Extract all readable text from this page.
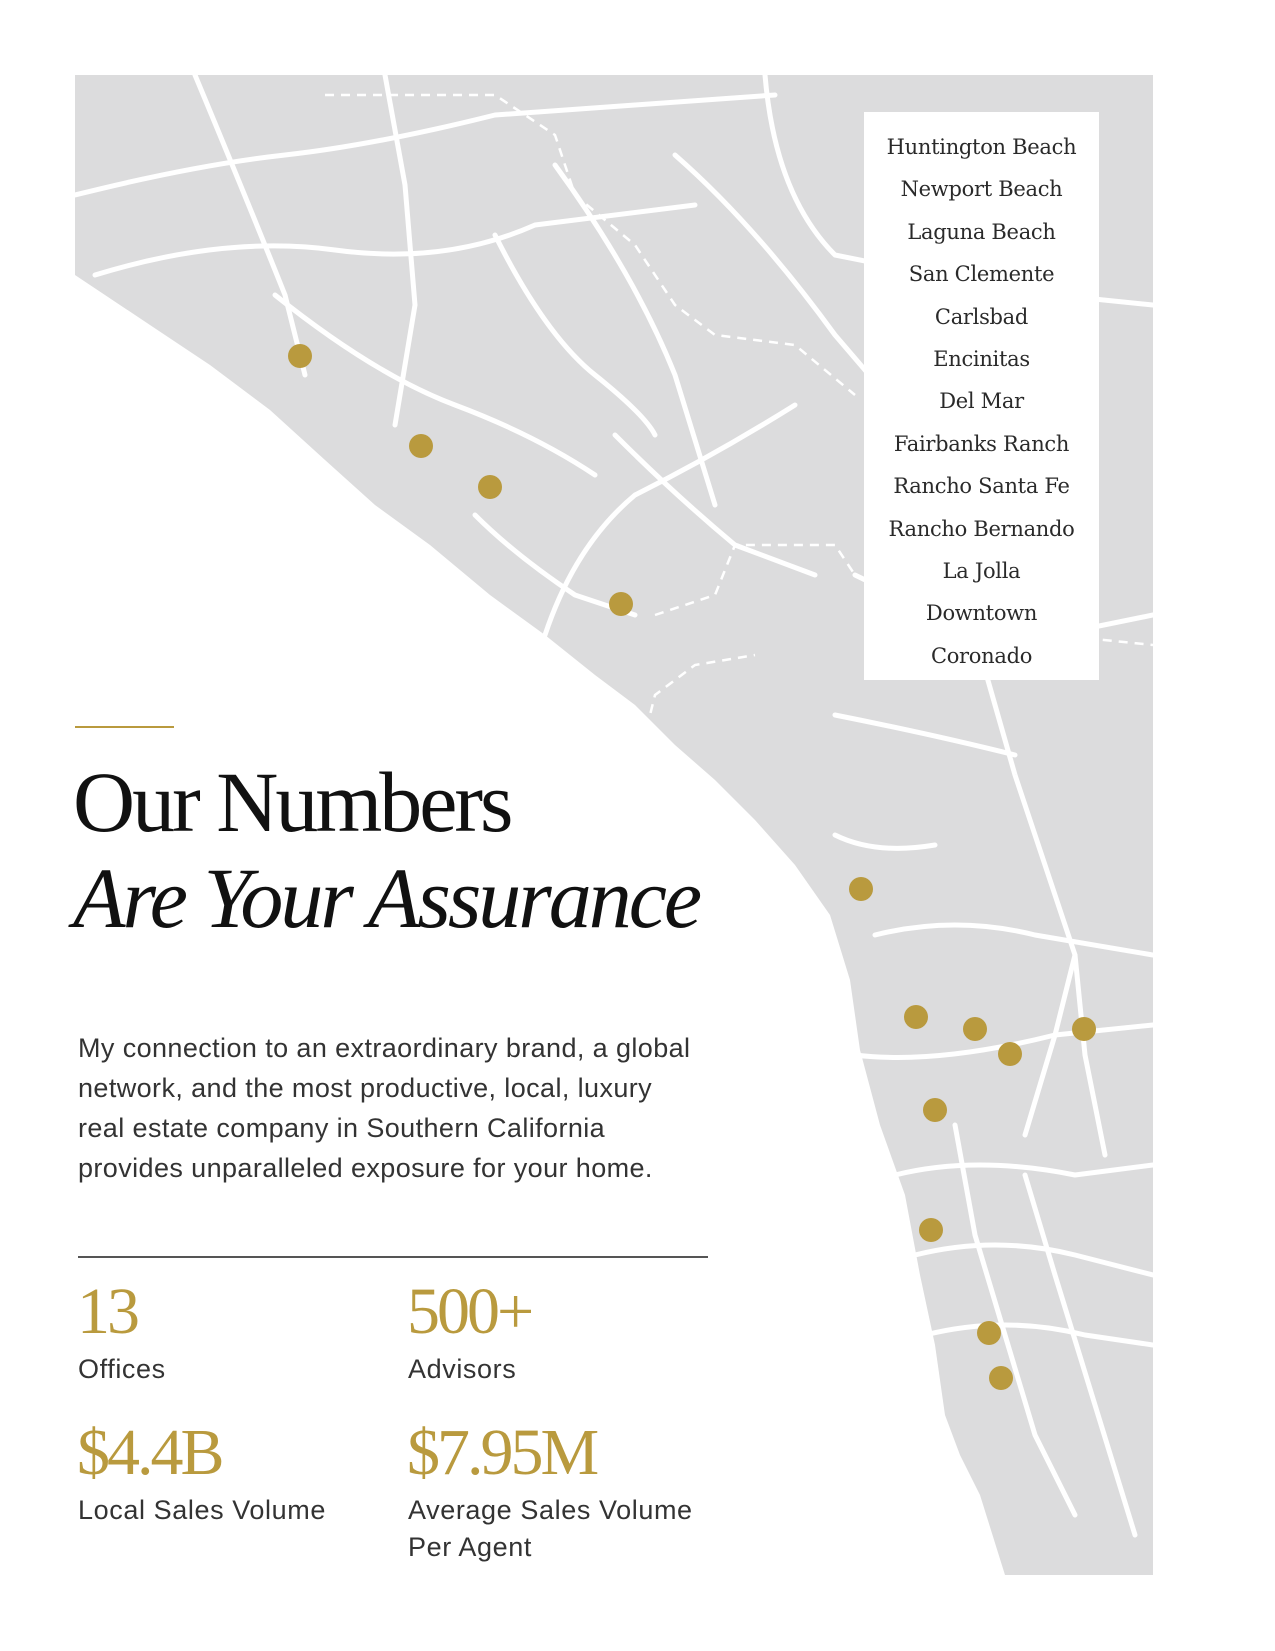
Huntington Beach
Newport Beach
Laguna Beach
San Clemente
Carlsbad
Encinitas
Del Mar
Fairbanks Ranch
Rancho Santa Fe
Rancho Bernando
La Jolla
Downtown
Coronado
Our Numbers
Are Your Assurance

My connection to an extraordinary brand, a global network, and the most productive, local, luxury real estate company in Southern California provides unparalleled exposure for your home.

13
Offices
500+
Advisors
$4.4B
Local Sales Volume
$7.95M
Average Sales Volume
Per Agent
